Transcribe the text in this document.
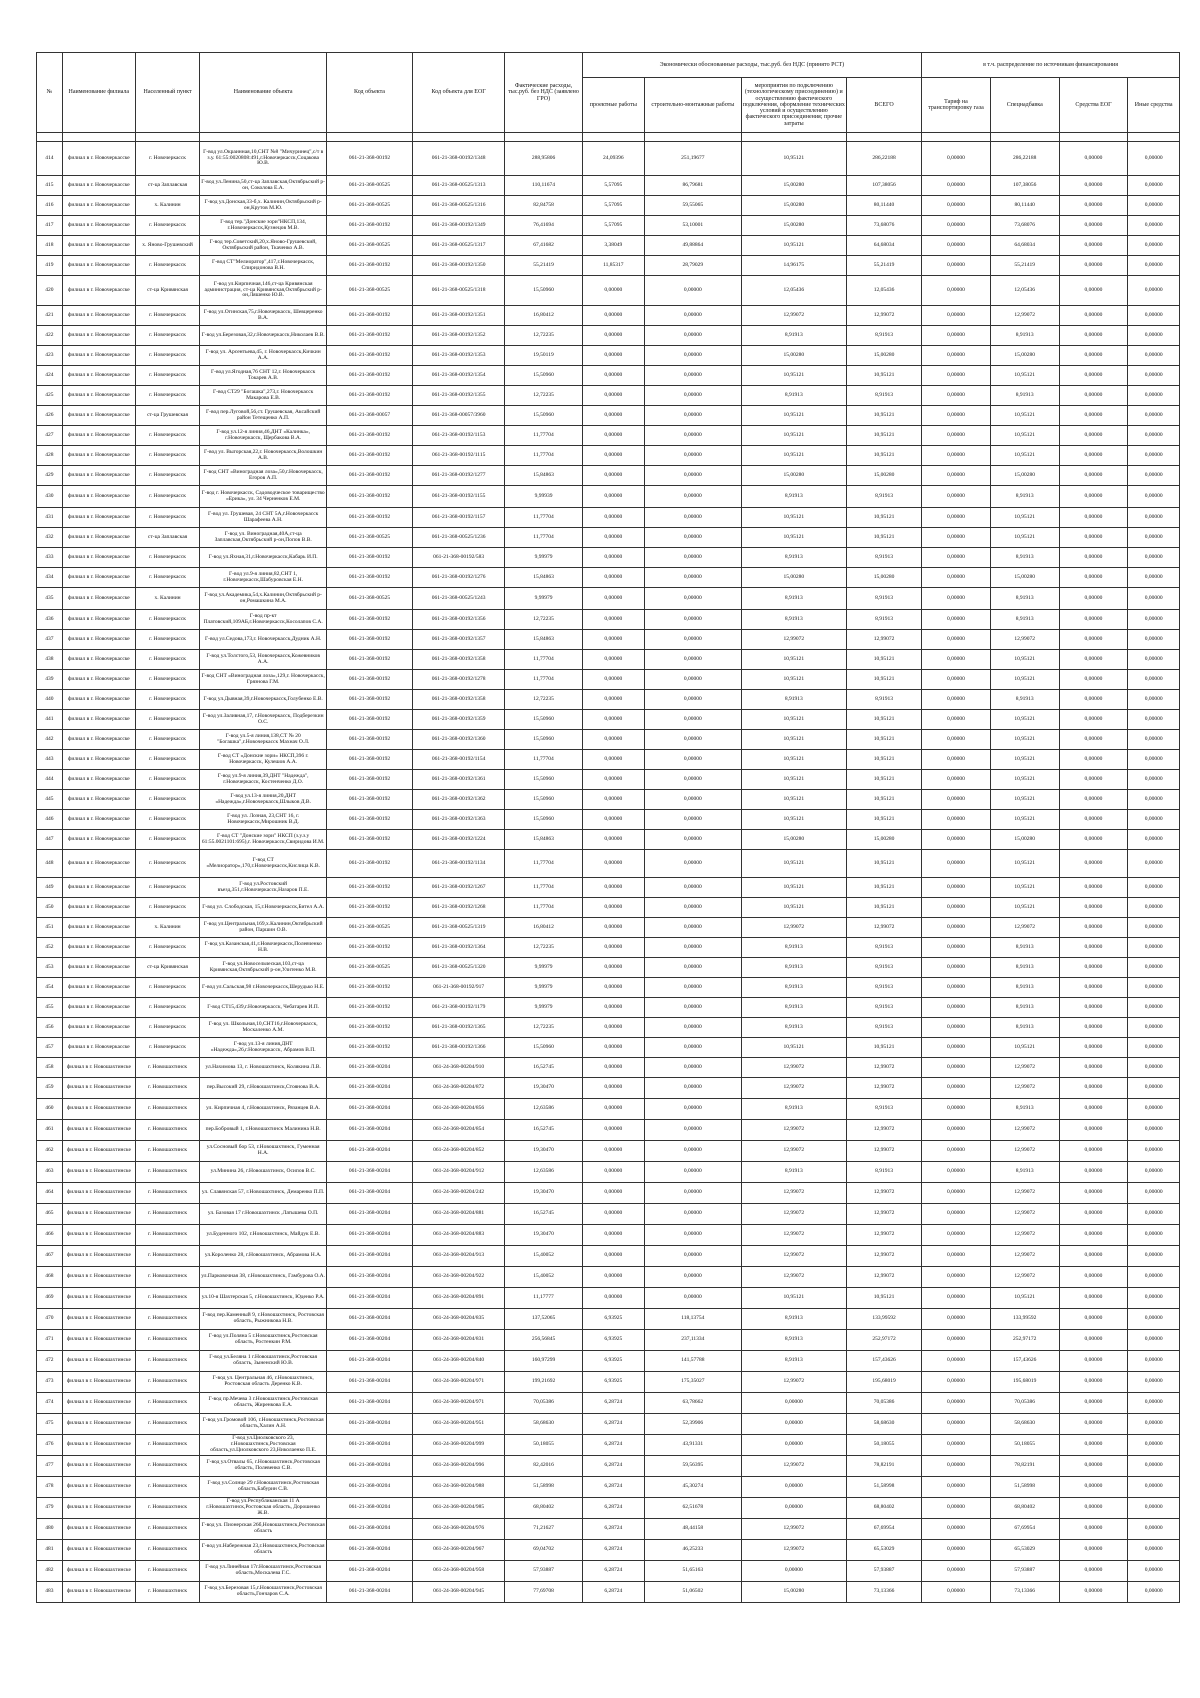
№	Наименование филиала	Населенный пункт	Наименование объекта	Код объекта	Код объекта для ЕОГ	Фактические расходы, тыс.руб. без НДС (заявлено ГРО)	Экономически обоснованные расходы, тыс.руб. без НДС (принято РСТ)				в т.ч. распределение по источникам финансирования			
							проектные работы	строительно-монтажные работы	мероприятия по подключению (технологическому присоединению) и осуществлению фактического подключения, оформление технических условий и осуществлению фактического присоединения; прочие затраты	ВСЕГО	Тариф на транспортировку газа	Спецнадбавка	Средства ЕОГ	Иные средства

414	филиал в г. Новочеркасске	г. Новочеркасск	Г-вод ул.Окраинная,10,СНТ №8 "Мичуринец",с/т в з.у. 61:55:0020808:491,г.Новочеркасск,Соцакова Ю.В.	061-21-368-00192	061-21-368-00192/1348	288,95806	24,09396	251,19677	10,95121	286,22188	0,00000	286,22188	0,00000	0,00000
415	филиал в г. Новочеркасске	ст-ца Заплавская	Г-вод ул.Ленина,50,ст-ца Заплавская,Октябрьский р-он, Соколова Е.А.	061-21-368-00525	061-21-368-00525/1313	110,11674	5,57095	86,79681	15,00280	107,38056	0,00000	107,38056	0,00000	0,00000
416	филиал в г. Новочеркасске	х. Калинин	Г-вод ул.Донская,33-б,х. Калинин,Октябрьский р-он,Крутов М.Ю.	061-21-368-00525	061-21-368-00525/1316	82,84758	5,57095	59,55065	15,00280	80,11440	0,00000	80,11440	0,00000	0,00000
417	филиал в г. Новочеркасске	г. Новочеркасск	Г-вод тер."Донские зори"НКСП,134, г.Новочеркасск,Кузнецов М.В.	061-21-368-00192	061-21-368-00192/1349	76,41694	5,57095	53,10001	15,00280	73,68076	0,00000	73,68076	0,00000	0,00000
418	филиал в г. Новочеркасске	х. Яново-Грушевский	Г-вод тер.Советский,20,х.Яново-Грушевский, Октябрьский район, Ткаченко А.В.	061-21-368-00525	061-21-368-00525/1317	67,41682	3,38049	49,88864	10,95121	64,68034	0,00000	64,68034	0,00000	0,00000
419	филиал в г. Новочеркасске	г. Новочеркасск	Г-вод СТ"Мелиоратор",417,г.Новочеркасск, Спиридонова В.Н.	061-21-368-00192	061-21-368-00192/1350	55,21419	11,85317	28,79029	14,96175	55,21419	0,00000	55,21419	0,00000	0,00000
420	филиал в г. Новочеркасске	ст-ца Кривянская	Г-вод ул.Кирпичная,146,ст-ца Кривянская администрация, ст-ца Кривянская,Октябрьский р-он,Ляшенко Ю.В.	061-21-368-00525	061-21-368-00525/1318	15,50960	0,00000	0,00000	12,05436	12,05436	0,00000	12,05436	0,00000	0,00000
421	филиал в г. Новочеркасске	г. Новочеркасск	Г-вод ул.Огинская,75,г.Новочеркасск, Шевцеренко В.А.	061-21-368-00192	061-21-368-00192/1351	16,80412	0,00000	0,00000	12,99072	12,99072	0,00000	12,99072	0,00000	0,00000
422	филиал в г. Новочеркасске	г. Новочеркасск	Г-вод ул.Березовая,32,г.Новочеркасск,Николаев В.В.	061-21-368-00192	061-21-368-00192/1352	12,72235	0,00000	0,00000	8,91913	8,91913	0,00000	8,91913	0,00000	0,00000
423	филиал в г. Новочеркасске	г. Новочеркасск	Г-вод ул. Арсентьева,45, г. Новочеркасск,Кичкин А.А.	061-21-368-00192	061-21-368-00192/1353	19,50119	0,00000	0,00000	15,00280	15,00280	0,00000	15,00280	0,00000	0,00000
424	филиал в г. Новочеркасске	г. Новочеркасск	Г-вод ул.Ягодная,76 СНТ 12,г. Новочеркасск Токарев А.В.	061-21-368-00192	061-21-368-00192/1354	15,50960	0,00000	0,00000	10,95121	10,95121	0,00000	10,95121	0,00000	0,00000
425	филиал в г. Новочеркасске	г. Новочеркасск	Г-вод СТ29 "Богашка",273,г. Новочеркасск Макарова Е.В.	061-21-368-00192	061-21-368-00192/1355	12,72235	0,00000	0,00000	8,91913	8,91913	0,00000	8,91913	0,00000	0,00000
426	филиал в г. Новочеркасске	ст-ца Грушевская	Г-вод пер.Луговой,56,ст. Грушевская, Аксайский район Тетещенко А.П.	061-21-368-00057	061-21-368-00057/3960	15,50960	0,00000	0,00000	10,95121	10,95121	0,00000	10,95121	0,00000	0,00000
427	филиал в г. Новочеркасске	г. Новочеркасск	Г-вод ул.12-я линия,46,ДНТ «Калинка», г.Новочеркасск, Щербакова В.А.	061-21-368-00192	061-21-368-00192/1153	11,77704	0,00000	0,00000	10,95121	10,95121	0,00000	10,95121	0,00000	0,00000
428	филиал в г. Новочеркасске	г. Новочеркасск	Г-вод ул. Выгорская,22,г. Новочеркасск,Волошкин А.В.	061-21-368-00192	061-21-368-00192/1115	11,77704	0,00000	0,00000	10,95121	10,95121	0,00000	10,95121	0,00000	0,00000
429	филиал в г. Новочеркасске	г. Новочеркасск	Г-вод СНТ «Виноградная лоза»,50,г.Новочеркасск, Егоров А.П.	061-21-368-00192	061-21-368-00192/1277	15,84863	0,00000	0,00000	15,00280	15,00280	0,00000	15,00280	0,00000	0,00000
430	филиал в г. Новочеркасске	г. Новочеркасск	Г-вод г. Новочеркасск, Садоводческое товарищество «Ерика», ул. 34 Черненков Е.М.	061-21-368-00192	061-21-368-00192/1155	9,99939	0,00000	0,00000	8,91913	8,91913	0,00000	8,91913	0,00000	0,00000
431	филиал в г. Новочеркасске	г. Новочеркасск	Г-вод ул. Грушевая, 24 СНТ 5А,г.Новочеркасск Шарафеева А.Н.	061-21-368-00192	061-21-368-00192/1157	11,77704	0,00000	0,00000	10,95121	10,95121	0,00000	10,95121	0,00000	0,00000
432	филиал в г. Новочеркасске	ст-ца Заплавская	Г-вод ул. Виноградная,40А,ст-ца Заплавская,Октябрьский р-он,Попов В.В.	061-21-368-00525	061-21-368-00525/1236	11,77704	0,00000	0,00000	10,95121	10,95121	0,00000	10,95121	0,00000	0,00000
433	филиал в г. Новочеркасске	г. Новочеркасск	Г-вод ул.Яхная,31,г.Новочеркасск,Кабарь И.П.	061-21-368-00192	061-21-368-00192/583	9,99979	0,00000	0,00000	8,91913	8,91913	0,00000	8,91913	0,00000	0,00000
434	филиал в г. Новочеркасске	г. Новочеркасск	Г-вод ул.9-я линия,82,СНТ 1, г.Новочеркасск,Шабуровская Е.Н.	061-21-368-00192	061-21-368-00192/1276	15,84863	0,00000	0,00000	15,00280	15,00280	0,00000	15,00280	0,00000	0,00000
435	филиал в г. Новочеркасске	х. Калинин	Г-вод ул.Академика,54,х.Калинин,Октябрьский р-он,Ромашкина М.А.	061-21-368-00525	061-21-368-00525/1243	9,99979	0,00000	0,00000	8,91913	8,91913	0,00000	8,91913	0,00000	0,00000
436	филиал в г. Новочеркасске	г. Новочеркасск	Г-вод пр-кт Платовский,109АБ,г.Новочеркасск,Косолапов С.А.	061-21-368-00192	061-21-368-00192/1356	12,72235	0,00000	0,00000	8,91913	8,91913	0,00000	8,91913	0,00000	0,00000
437	филиал в г. Новочеркасске	г. Новочеркасск	Г-вод ул.Седова,173,г. Новочеркасск,Дудник А.Н.	061-21-368-00192	061-21-368-00192/1357	15,84863	0,00000	0,00000	12,99072	12,99072	0,00000	12,99072	0,00000	0,00000
438	филиал в г. Новочеркасске	г. Новочеркасск	Г-вод ул.Толстого,53, Новочеркасск,Кожевников А.А.	061-21-368-00192	061-21-368-00192/1358	11,77704	0,00000	0,00000	10,95121	10,95121	0,00000	10,95121	0,00000	0,00000
439	филиал в г. Новочеркасске	г. Новочеркасск	Г-вод СНТ «Виноградная лоза»,129,г. Новочеркасск, Грязнова Г.М.	061-21-368-00192	061-21-368-00192/1278	11,77704	0,00000	0,00000	10,95121	10,95121	0,00000	10,95121	0,00000	0,00000
440	филиал в г. Новочеркасске	г. Новочеркасск	Г-вод ул.Дывная,39,г.Новочеркасск,Голубенко Е.В.	061-21-368-00192	061-21-368-00192/1358	12,72235	0,00000	0,00000	8,91913	8,91913	0,00000	8,91913	0,00000	0,00000
441	филиал в г. Новочеркасске	г. Новочеркасск	Г-вод ул.Заливная,17, г.Новочеркасск, Подберезкин О.С.	061-21-368-00192	061-21-368-00192/1359	15,50960	0,00000	0,00000	10,95121	10,95121	0,00000	10,95121	0,00000	0,00000
442	филиал в г. Новочеркасске	г. Новочеркасск	Г-вод ул.5-я линия,138,СТ № 20 "Богашка",г.Новочеркасск Махнач О.Л.	061-21-368-00192	061-21-368-00192/1360	15,50960	0,00000	0,00000	10,95121	10,95121	0,00000	10,95121	0,00000	0,00000
443	филиал в г. Новочеркасске	г. Новочеркасск	Г-вод СТ «Донские зори» НКСП,396 г. Новочеркасск, Кулешов А.А.	061-21-368-00192	061-21-368-00192/1154	11,77704	0,00000	0,00000	10,95121	10,95121	0,00000	10,95121	0,00000	0,00000
444	филиал в г. Новочеркасске	г. Новочеркасск	Г-вод ул.9-я линия,39,ДНТ "Надежда", г.Новочеркасск, Костенченко Д.О.	061-21-368-00192	061-21-368-00192/1361	15,50960	0,00000	0,00000	10,95121	10,95121	0,00000	10,95121	0,00000	0,00000
445	филиал в г. Новочеркасске	г. Новочеркасск	Г-вод ул.13-я линия,20,ДНТ «Надежда»,г.Новочеркасск,Шлыков Д.В.	061-21-368-00192	061-21-368-00192/1362	15,50960	0,00000	0,00000	10,95121	10,95121	0,00000	10,95121	0,00000	0,00000
446	филиал в г. Новочеркасске	г. Новочеркасск	Г-вод ул. Лозная, 23,СНТ 16, г. Новочеркасск,Мирошник В.Д.	061-21-368-00192	061-21-368-00192/1363	15,50960	0,00000	0,00000	10,95121	10,95121	0,00000	10,95121	0,00000	0,00000
447	филиал в г. Новочеркасске	г. Новочеркасск	Г-вод СТ "Донские зори" НКСП (з.у.з.у 61:55.0021101:695),г. Новочеркасск,Свиридова И.М.	061-21-368-00192	061-21-368-00192/1224	15,84863	0,00000	0,00000	15,00280	15,00280	0,00000	15,00280	0,00000	0,00000
448	филиал в г. Новочеркасске	г. Новочеркасск	Г-вод СТ «Мелиоратор»,170,г.Новочеркасск,Кислица К.В.	061-21-368-00192	061-21-368-00192/1134	11,77704	0,00000	0,00000	10,95121	10,95121	0,00000	10,95121	0,00000	0,00000
449	филиал в г. Новочеркасске	г. Новочеркасск	Г-вод ул.Ростовский въезд,351,г.Новочеркасск,Назаров П.Е.	061-21-368-00192	061-21-368-00192/1267	11,77704	0,00000	0,00000	10,95121	10,95121	0,00000	10,95121	0,00000	0,00000
450	филиал в г. Новочеркасске	г. Новочеркасск	Г-вод ул. Слободская, 15,г.Новочеркасск,Бител А.А.	061-21-368-00192	061-21-368-00192/1268	11,77704	0,00000	0,00000	10,95121	10,95121	0,00000	10,95121	0,00000	0,00000
451	филиал в г. Новочеркасске	х. Калинин	Г-вод ул.Центральная,169,х.Калинин,Октябрьский район, Паршин О.В.	061-21-368-00525	061-21-368-00525/1319	16,80412	0,00000	0,00000	12,99072	12,99072	0,00000	12,99072	0,00000	0,00000
452	филиал в г. Новочеркасске	г. Новочеркасск	Г-вод ул.Казанская,41,г.Новочеркасск,Полевченко Н.В.	061-21-368-00192	061-21-368-00192/1364	12,72235	0,00000	0,00000	8,91913	8,91913	0,00000	8,91913	0,00000	0,00000
453	филиал в г. Новочеркасске	ст-ца Кривянская	Г-вод ул.Новосельческая,103,ст-ца Кривянская,Октябрьский р-он,Улитенко М.В.	061-21-368-00525	061-21-368-00525/1320	9,99979	0,00000	0,00000	8,91913	8,91913	0,00000	8,91913	0,00000	0,00000
454	филиал в г. Новочеркасске	г. Новочеркасск	Г-вод ул.Сальская,98 г.Новочеркасск,Шерудько Н.Е.	061-21-368-00192	061-21-368-00192/917	9,99979	0,00000	0,00000	8,91913	8,91913	0,00000	8,91913	0,00000	0,00000
455	филиал в г. Новочеркасске	г. Новочеркасск	Г-вод СТ15,439,г.Новочеркасск, Чебатарев И.П.	061-21-368-00192	061-21-368-00192/1179	9,99979	0,00000	0,00000	8,91913	8,91913	0,00000	8,91913	0,00000	0,00000
456	филиал в г. Новочеркасске	г. Новочеркасск	Г-вод ул. Школьная,10,СНТ16,г.Новочеркасск, Москаленко А.М.	061-21-368-00192	061-21-368-00192/1365	12,72235	0,00000	0,00000	8,91913	8,91913	0,00000	8,91913	0,00000	0,00000
457	филиал в г. Новочеркасске	г. Новочеркасск	Г-вод ул.13-я линия,ДНТ «Надежда»,26,г.Новочеркасск, Абрамов В.П.	061-21-368-00192	061-21-368-00192/1366	15,50960	0,00000	0,00000	10,95121	10,95121	0,00000	10,95121	0,00000	0,00000
458	филиал в г. Новошахтинске	г. Новошахтинск	ул.Нахимова 13, г. Новошахтинск, Колякина Л.В.	061-21-368-00204	061-24-368-00204/910	16,52745	0,00000	0,00000	12,99072	12,99072	0,00000	12,99072	0,00000	0,00000
459	филиал в г. Новошахтинске	г. Новошахтинск	пер.Высокий 29, г.Новошахтинск,Стоянова В.А.	061-21-368-00204	061-24-368-00204/872	19,30470	0,00000	0,00000	12,99072	12,99072	0,00000	12,99072	0,00000	0,00000
460	филиал в г. Новошахтинске	г. Новошахтинск	ул. Кирпичная 4, г.Новошахтинск, Рязанцев В.А.	061-21-368-00204	061-24-368-00204/856	12,63586	0,00000	0,00000	8,91913	8,91913	0,00000	8,91913	0,00000	0,00000
461	филиал в г. Новошахтинске	г. Новошахтинск	пер.Бобровый 1, г.Новошахтинск Малинина Н.В.	061-21-368-00204	061-24-368-00204/854	16,52745	0,00000	0,00000	12,99072	12,99072	0,00000	12,99072	0,00000	0,00000
462	филиал в г. Новошахтинске	г. Новошахтинск	ул.Сосновый бор 53, г.Новошахтинск, Гуменная Н.А.	061-21-368-00204	061-24-368-00204/852	19,30470	0,00000	0,00000	12,99072	12,99072	0,00000	12,99072	0,00000	0,00000
463	филиал в г. Новошахтинске	г. Новошахтинск	ул.Минина 26, г.Новошахтинск, Осипов В.С.	061-21-368-00204	061-24-368-00204/912	12,63586	0,00000	0,00000	8,91913	8,91913	0,00000	8,91913	0,00000	0,00000
464	филиал в г. Новошахтинске	г. Новошахтинск	ул. Славянская 57, г.Новошахтинск, Демаренко П.П.	061-21-368-00204	061-24-368-00204/242	19,30470	0,00000	0,00000	12,99072	12,99072	0,00000	12,99072	0,00000	0,00000
465	филиал в г. Новошахтинске	г. Новошахтинск	ул. Базовая 17 г.Новошахтинск ,Латышева О.П.	061-21-368-00204	061-24-368-00204/881	16,52745	0,00000	0,00000	12,99072	12,99072	0,00000	12,99072	0,00000	0,00000
466	филиал в г. Новошахтинске	г. Новошахтинск	ул.Буденного 102, г.Новошахтинск, Майдук Е.В.	061-21-368-00204	061-24-368-00204/883	19,30470	0,00000	0,00000	12,99072	12,99072	0,00000	12,99072	0,00000	0,00000
467	филиал в г. Новошахтинске	г. Новошахтинск	ул.Короленко 28, г.Новошахтинск, Абрамова Н.А.	061-21-368-00204	061-24-368-00204/913	15,40052	0,00000	0,00000	12,99072	12,99072	0,00000	12,99072	0,00000	0,00000
468	филиал в г. Новошахтинске	г. Новошахтинск	ул.Парковочная 38, г.Новошахтинск, Гамбурова О.А.	061-21-368-00204	061-24-368-00204/922	15,40052	0,00000	0,00000	12,99072	12,99072	0,00000	12,99072	0,00000	0,00000
469	филиал в г. Новошахтинске	г. Новошахтинск	ул.10-я Шахтерская 5, г.Новошахтинск, Юденко Р.А.	061-21-368-00204	061-24-368-00204/891	11,17777	0,00000	0,00000	10,95121	10,95121	0,00000	10,95121	0,00000	0,00000
470	филиал в г. Новошахтинске	г. Новошахтинск	Г-вод пер.Каменный 9, г.Новошахтинск, Ростовская область, Рыжникова Н.В.	061-21-368-00204	061-24-368-00204/835	137,52065	6,93925	118,13754	8,91913	133,99592	0,00000	133,99592	0,00000	0,00000
471	филиал в г. Новошахтинске	г. Новошахтинск	Г-вод ул.Поляна 5 г.Новошахтинск,Ростовская область, Ростенкин Р.М.	061-21-368-00204	061-24-368-00204/831	256,56845	6,93925	237,11334	8,91913	252,97172	0,00000	252,97172	0,00000	0,00000
472	филиал в г. Новошахтинске	г. Новошахтинск	Г-вод ул.Беляна 1 г.Новошахтинск,Ростовская область, Зыненский Ю.В.	061-21-368-00204	061-24-368-00204/840	160,97299	6,93925	141,57788	8,91913	157,43626	0,00000	157,43626	0,00000	0,00000
473	филиал в г. Новошахтинске	г. Новошахтинск	Г-вод ул. Центральная 46, г.Новошахтинск, Ростовская область Деренко К.В.	061-21-368-00204	061-24-368-00204/971	199,21692	6,93925	175,35027	12,99072	195,68019	0,00000	195,68019	0,00000	0,00000
474	филиал в г. Новошахтинске	г. Новошахтинск	Г-вод пр.Мечева 3 г.Новошахтинск,Ростовская область, Жиренкова Е.А.	061-21-368-00204	061-24-368-00204/971	70,05386	6,28724	63,78662	0,00000	70,05386	0,00000	70,05386	0,00000	0,00000
475	филиал в г. Новошахтинске	г. Новошахтинск	Г-вод ул.Громовой 106, г.Новошахтинск,Ростовская область,Халин А.Н.	061-21-368-00204	061-24-368-00204/951	58,68630	6,28724	52,39906	0,00000	58,68630	0,00000	58,68630	0,00000	0,00000
476	филиал в г. Новошахтинске	г. Новошахтинск	Г-вод ул.Циолковского 23, г.Новошахтинск,Ростовская область,ул.Циолковского 23,Николаенко П.Е.	061-21-368-00204	061-24-368-00204/999	50,18055	6,28724	43,91331	0,00000	50,18055	0,00000	50,18055	0,00000	0,00000
477	филиал в г. Новошахтинске	г. Новошахтинск	Г-вод ул.Отвалы 65, г.Новошахтинск,Ростовская область, Полевенко С.В.	061-21-368-00204	061-24-368-00204/996	82,42016	6,28724	59,56395	12,99072	78,82191	0,00000	78,82191	0,00000	0,00000
478	филиал в г. Новошахтинске	г. Новошахтинск	Г-вод ул.Солнце 29 г.Новошахтинск,Ростовская область,Бабурин С.В.	061-21-368-00204	061-24-368-00204/988	51,58998	6,28724	45,30274	0,00000	51,58998	0,00000	51,58998	0,00000	0,00000
479	филиал в г. Новошахтинске	г. Новошахтинск	Г-вод ул.Республиканская 11 А г.Новошахтинск,Ростовская область, Дорошенко Ж.В.	061-21-368-00204	061-24-368-00204/985	68,80402	6,28724	62,51678	0,00000	68,80402	0,00000	68,80402	0,00000	0,00000
480	филиал в г. Новошахтинске	г. Новошахтинск	Г-вод ул. Пионерская 26б,Новошахтинск,Ростовская область	061-21-368-00204	061-24-368-00204/976	71,21627	6,28724	48,44158	12,99072	67,69954	0,00000	67,69954	0,00000	0,00000
481	филиал в г. Новошахтинске	г. Новошахтинск	Г-вод ул.Набережная 23,г.Новошахтинск,Ростовская область	061-21-368-00204	061-24-368-00204/967	69,04702	6,28724	46,25233	12,99072	65,53029	0,00000	65,53029	0,00000	0,00000
482	филиал в г. Новошахтинске	г. Новошахтинск	Г-вод ул.Линейная 17г.Новошахтинск,Ростовская область,Москалева Г.С.	061-21-368-00204	061-24-368-00204/958	57,93887	6,28724	51,65163	0,00000	57,93887	0,00000	57,93887	0,00000	0,00000
483	филиал в г. Новошахтинске	г. Новошахтинск	Г-вод ул.Березовая 15,г.Новошахтинск,Ростовская область,Гончаров С.А.	061-21-368-00204	061-24-368-00204/945	77,69708	6,28724	51,06502	15,00280	73,13366	0,00000	73,13366	0,00000	0,00000
